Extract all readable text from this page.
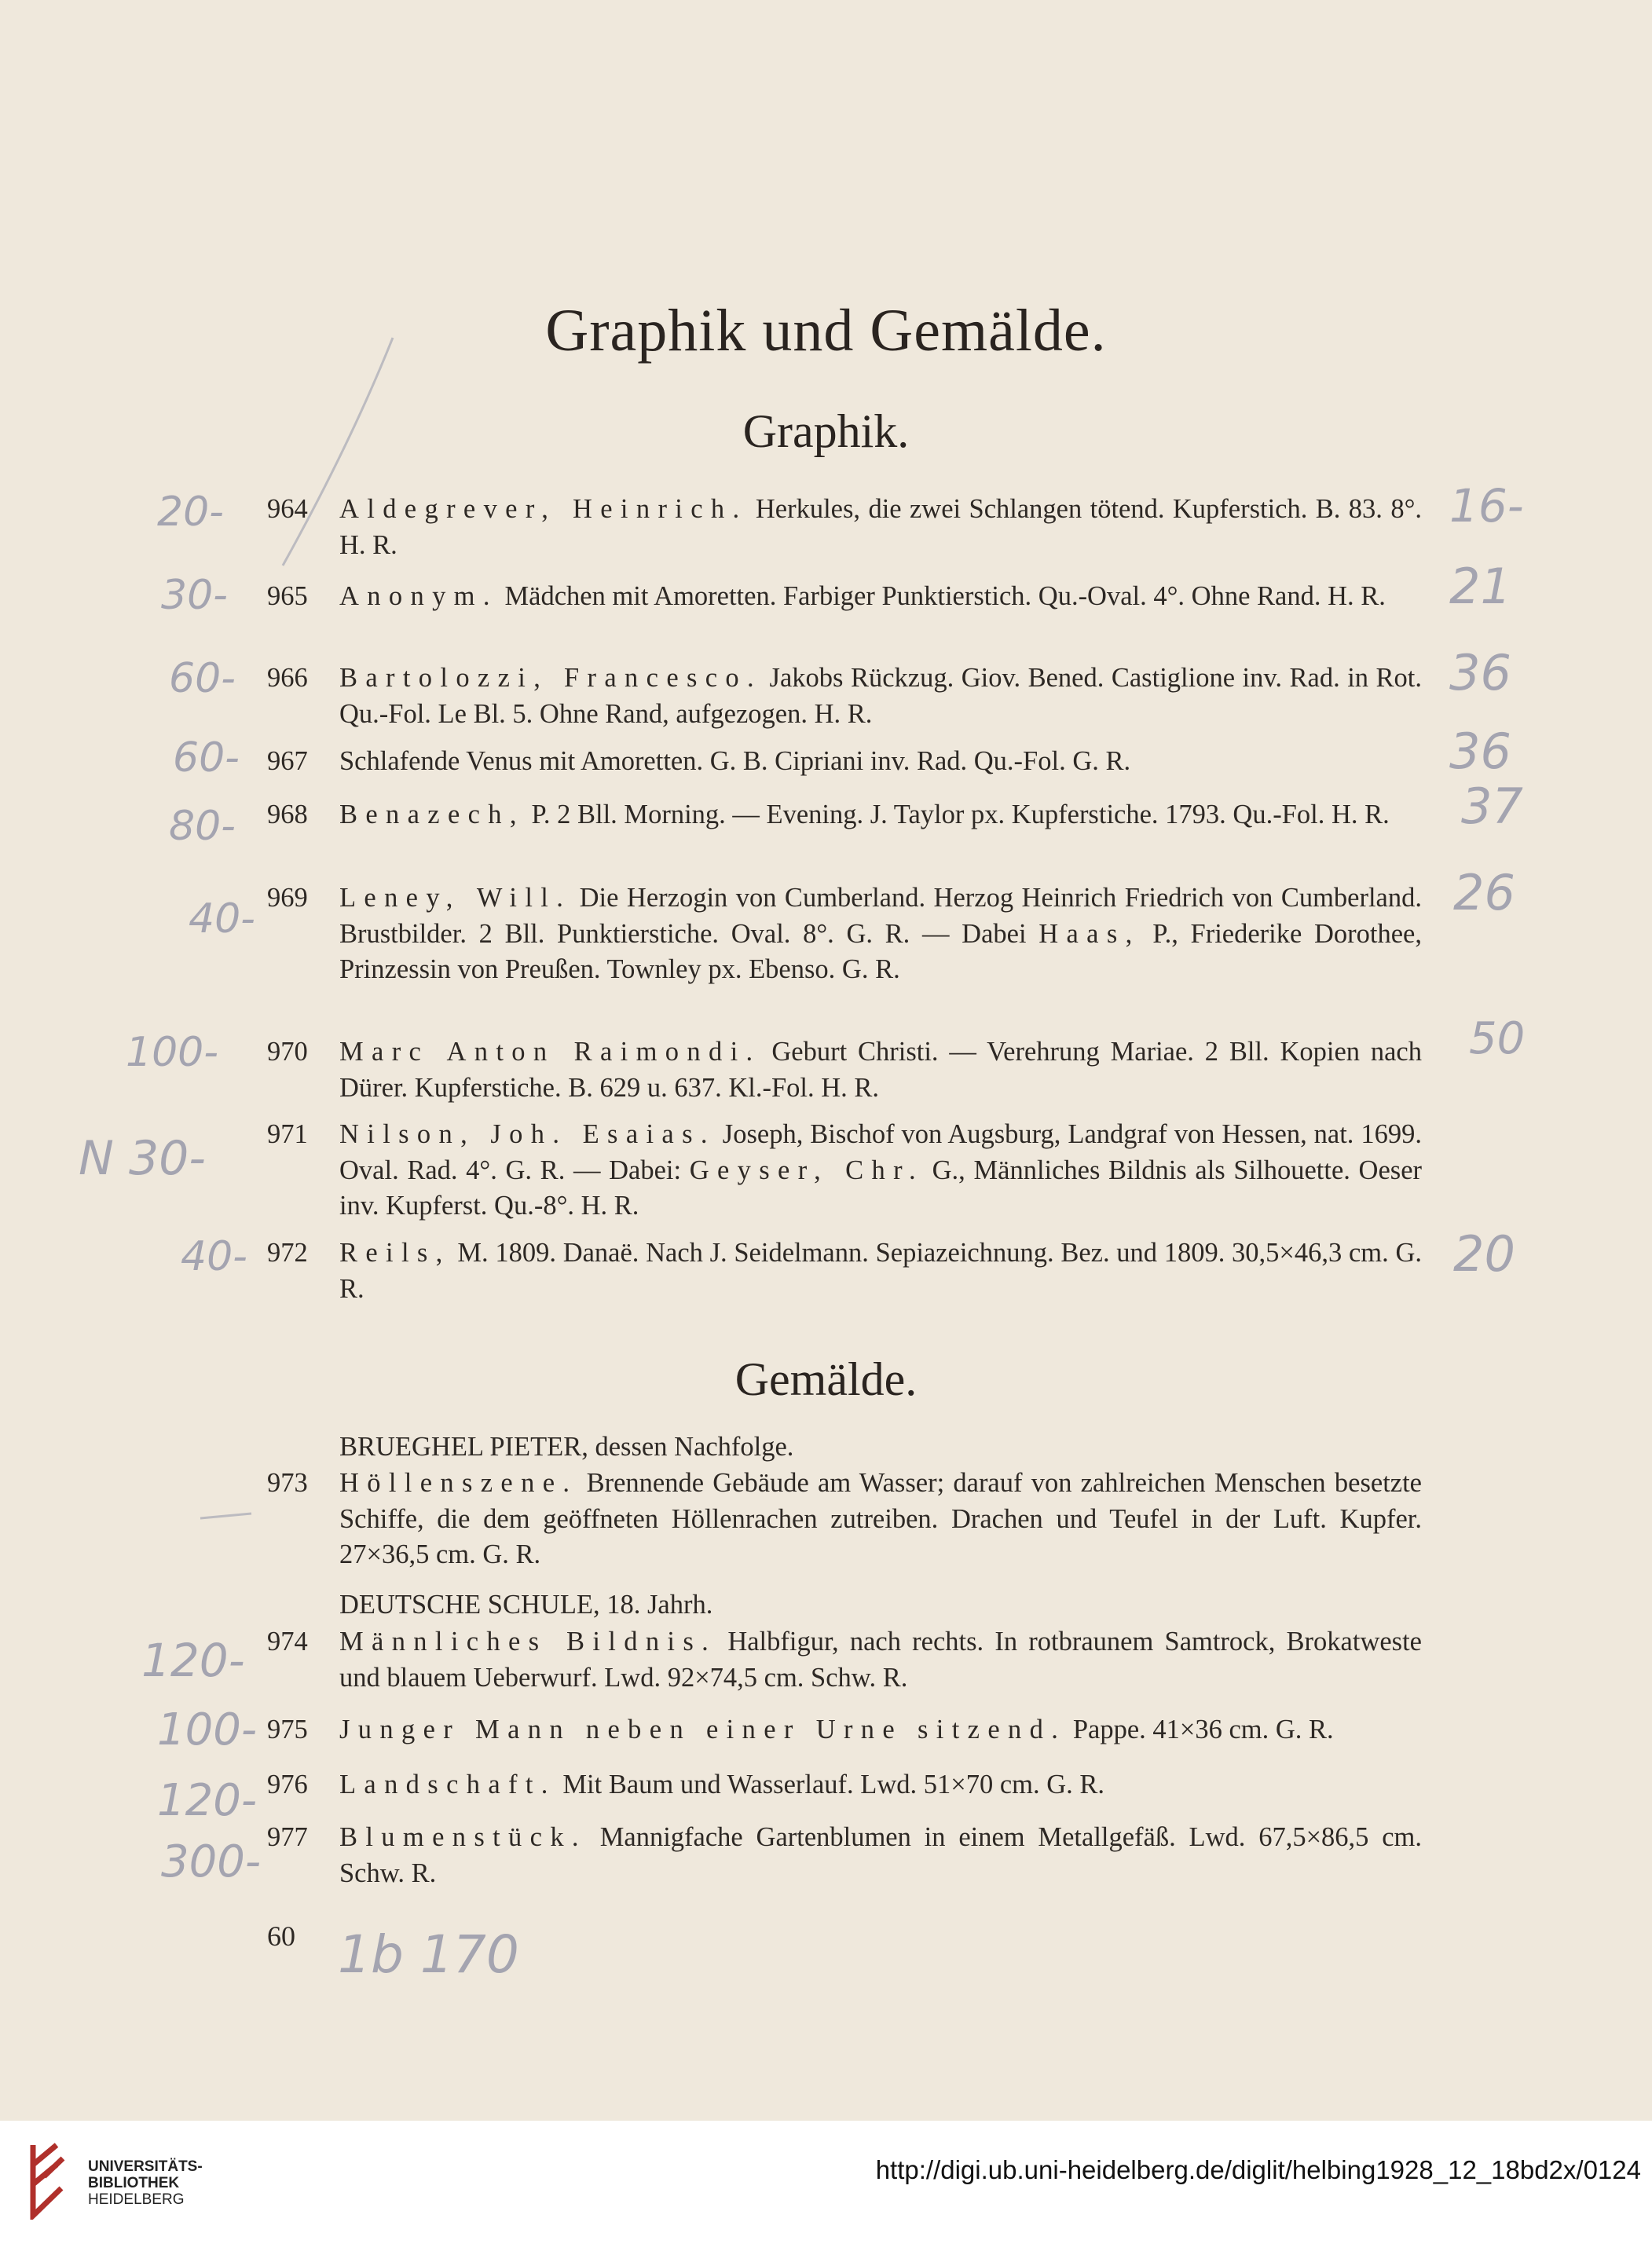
Graphik und Gemälde.
Graphik.
964	Aldegrever, Heinrich. Herkules, die zwei Schlangen tötend. Kupferstich. B. 83. 8°. H. R.
965	Anonym. Mädchen mit Amoretten. Farbiger Punktierstich. Qu.-Oval. 4°. Ohne Rand. H. R.
966	Bartolozzi, Francesco. Jakobs Rückzug. Giov. Bened. Castiglione inv. Rad. in Rot. Qu.-Fol. Le Bl. 5. Ohne Rand, aufgezogen. H. R.
967	Schlafende Venus mit Amoretten. G. B. Cipriani inv. Rad. Qu.-Fol. G. R.
968	Benazech, P. 2 Bll. Morning. — Evening. J. Taylor px. Kupferstiche. 1793. Qu.-Fol. H. R.
969	Leney, Will. Die Herzogin von Cumberland. Herzog Heinrich Friedrich von Cumberland. Brustbilder. 2 Bll. Punktierstiche. Oval. 8°. G. R. — Dabei Haas, P., Friederike Dorothee, Prinzessin von Preußen. Townley px. Ebenso. G. R.
970	Marc Anton Raimondi. Geburt Christi. — Verehrung Mariae. 2 Bll. Kopien nach Dürer. Kupferstiche. B. 629 u. 637. Kl.-Fol. H. R.
971	Nilson, Joh. Esaias. Joseph, Bischof von Augsburg, Landgraf von Hessen, nat. 1699. Oval. Rad. 4°. G. R. — Dabei: Geyser, Chr. G., Männliches Bildnis als Silhouette. Oeser inv. Kupferst. Qu.-8°. H. R.
972	Reils, M. 1809. Danaë. Nach J. Seidelmann. Sepiazeichnung. Bez. und 1809. 30,5×46,3 cm. G. R.
Gemälde.
BRUEGHEL PIETER, dessen Nachfolge.
973	Höllenszene. Brennende Gebäude am Wasser; darauf von zahlreichen Menschen besetzte Schiffe, die dem geöffneten Höllenrachen zutreiben. Drachen und Teufel in der Luft. Kupfer. 27×36,5 cm. G. R.
DEUTSCHE SCHULE, 18. Jahrh.
974	Männliches Bildnis. Halbfigur, nach rechts. In rotbraunem Samtrock, Brokatweste und blauem Ueberwurf. Lwd. 92×74,5 cm. Schw. R.
975	Junger Mann neben einer Urne sitzend. Pappe. 41×36 cm. G. R.
976	Landschaft. Mit Baum und Wasserlauf. Lwd. 51×70 cm. G. R.
977	Blumenstück. Mannigfache Gartenblumen in einem Metallgefäß. Lwd. 67,5×86,5 cm. Schw. R.
60
20-
30-
60-
60-
80-
40-
100-
N 30-
40-
120-
100-
120-
300-
16-
21
36
36
37
26
50
20
1b 170
UNIVERSITÄTS-
BIBLIOTHEK
HEIDELBERG
http://digi.ub.uni-heidelberg.de/diglit/helbing1928_12_18bd2x/0124
